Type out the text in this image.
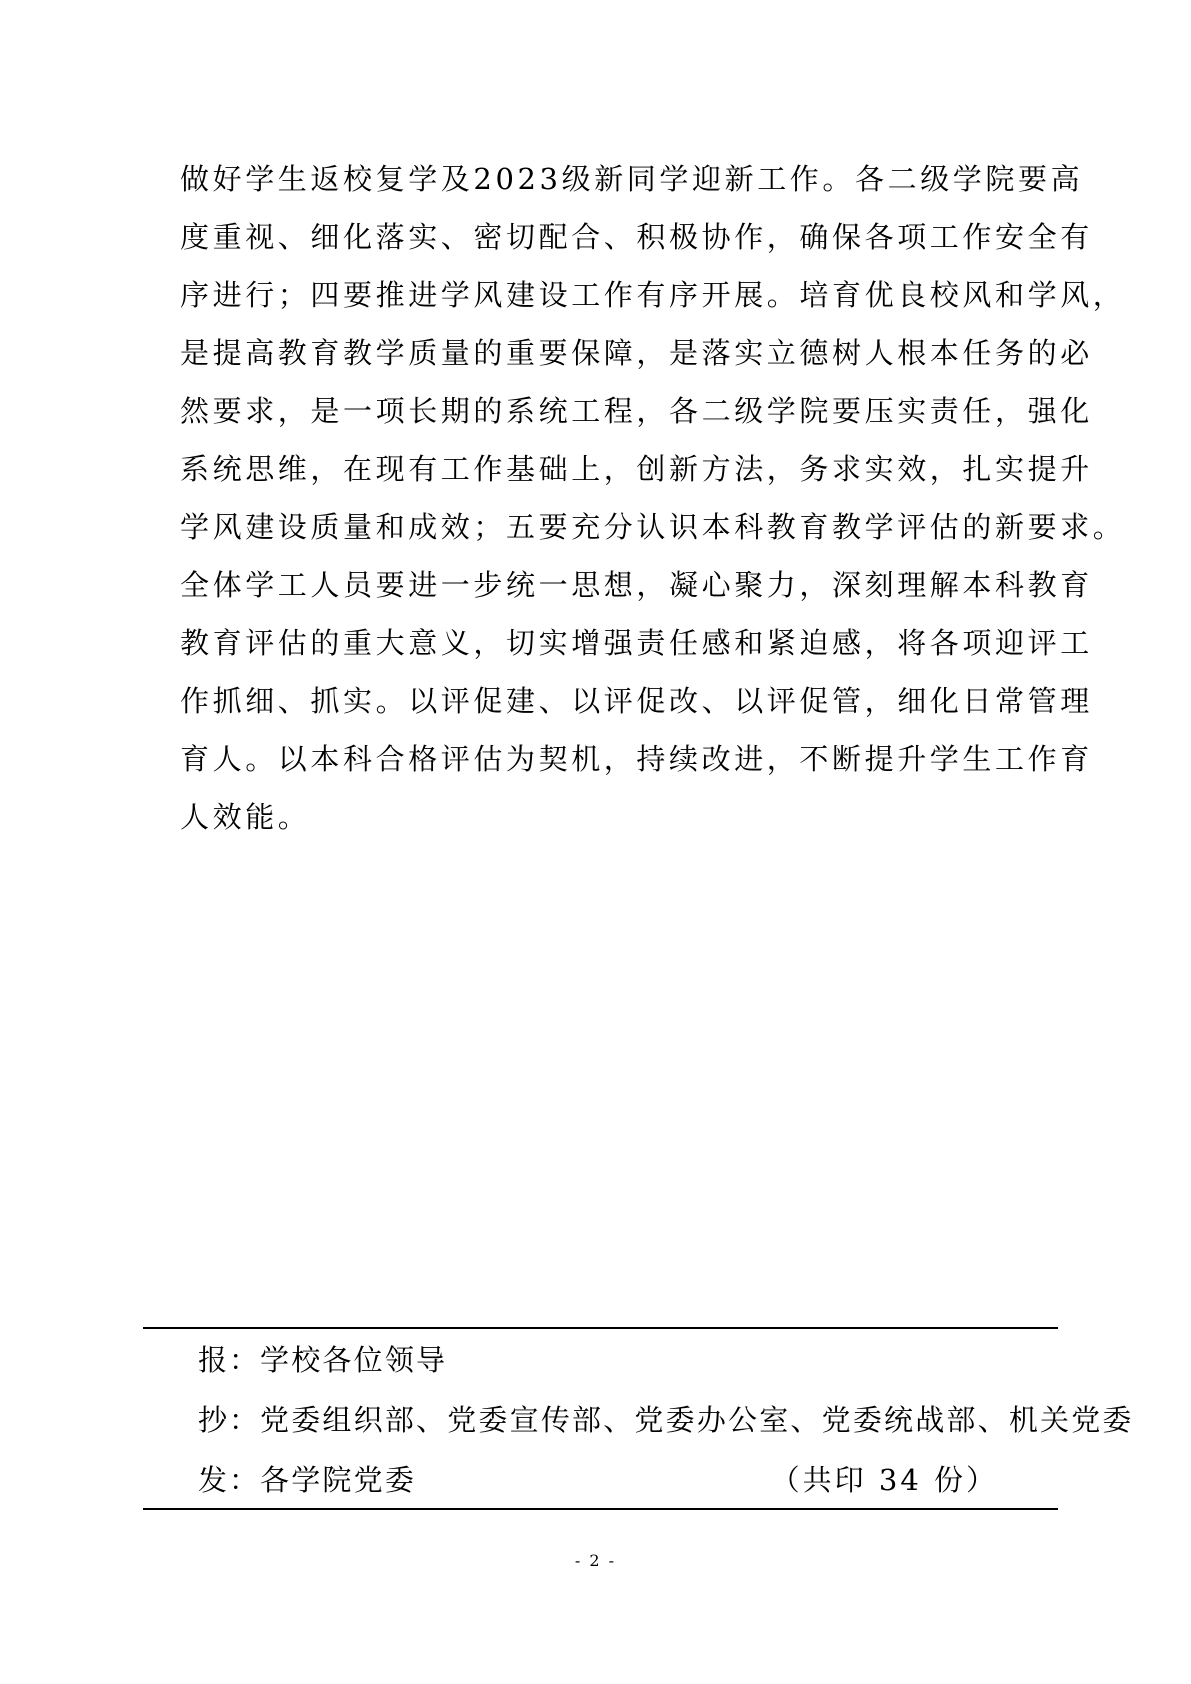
做好学生返校复学及2023级新同学迎新工作。各二级学院要高
度重视、细化落实、密切配合、积极协作，确保各项工作安全有
序进行；四要推进学风建设工作有序开展。培育优良校风和学风，
是提高教育教学质量的重要保障，是落实立德树人根本任务的必
然要求，是一项长期的系统工程，各二级学院要压实责任，强化
系统思维，在现有工作基础上，创新方法，务求实效，扎实提升
学风建设质量和成效；五要充分认识本科教育教学评估的新要求。
全体学工人员要进一步统一思想，凝心聚力，深刻理解本科教育
教育评估的重大意义，切实增强责任感和紧迫感，将各项迎评工
作抓细、抓实。以评促建、以评促改、以评促管，细化日常管理
育人。以本科合格评估为契机，持续改进，不断提升学生工作育
人效能。
报：学校各位领导
抄：党委组织部、党委宣传部、党委办公室、党委统战部、机关党委
发：各学院党委	（共印 34 份）
- 2 -
